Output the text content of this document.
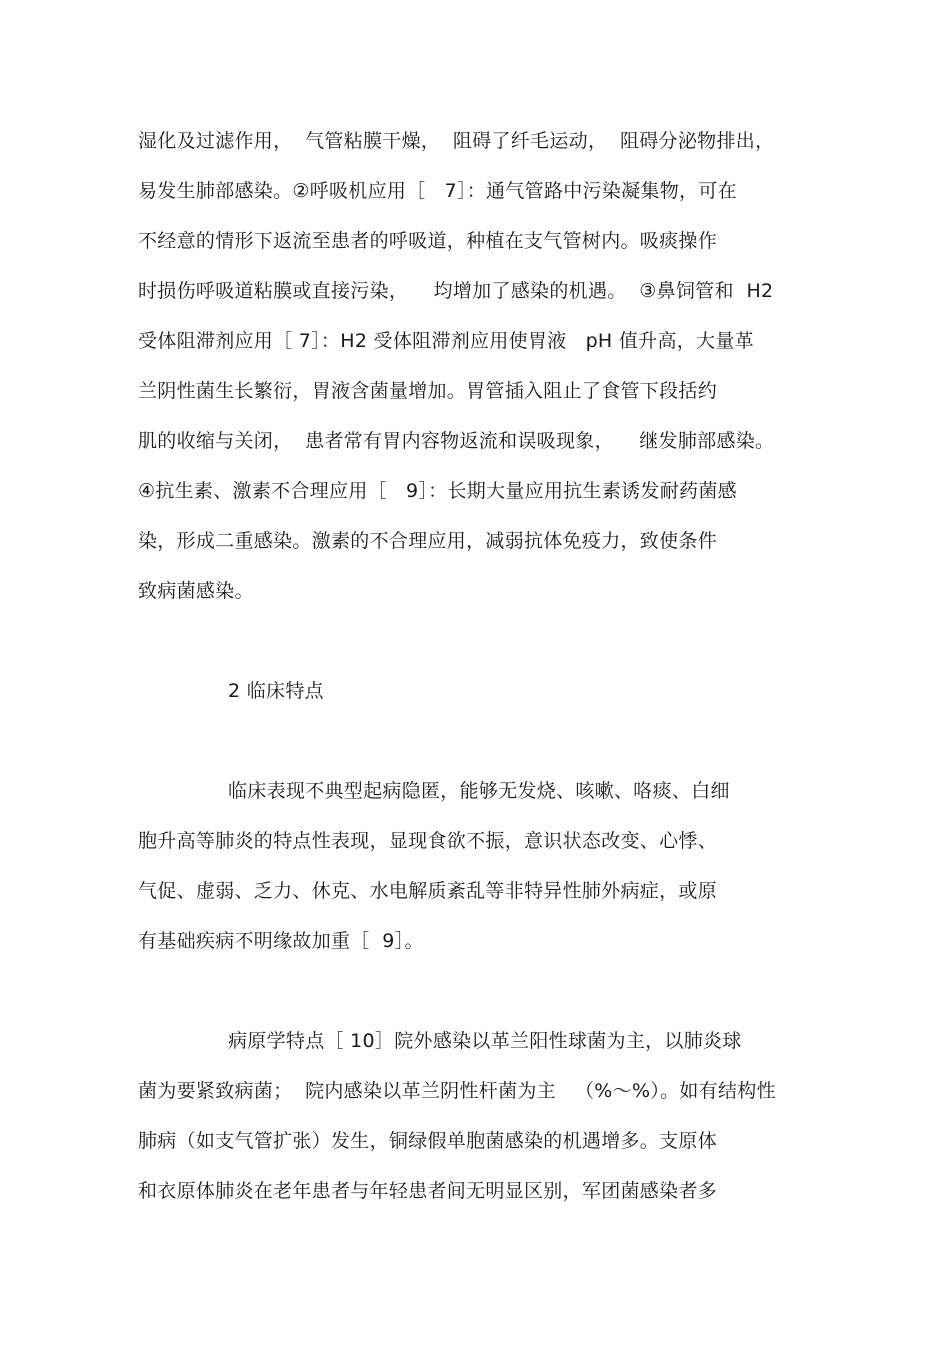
湿化及过滤作用，  气管粘膜干燥，  阻碍了纤毛运动，  阻碍分泌物排出，
易发生肺部感染。②呼吸机应用［   7］：通气管路中污染凝集物，可在
不经意的情形下返流至患者的呼吸道，种植在支气管树内。吸痰操作
时损伤呼吸道粘膜或直接污染，    均增加了感染的机遇。  ③鼻饲管和  H2
受体阻滞剂应用［ 7］：H2 受体阻滞剂应用使胃液   pH 值升高，大量革
兰阴性菌生长繁衍，胃液含菌量增加。胃管插入阻止了食管下段括约
肌的收缩与关闭，  患者常有胃内容物返流和误吸现象，    继发肺部感染。
④抗生素、激素不合理应用［   9］：长期大量应用抗生素诱发耐药菌感
染，形成二重感染。激素的不合理应用，减弱抗体免疫力，致使条件
致病菌感染。
2 临床特点
临床表现不典型起病隐匿，能够无发烧、咳嗽、咯痰、白细
胞升高等肺炎的特点性表现，显现食欲不振，意识状态改变、心悸、
气促、虚弱、乏力、休克、水电解质紊乱等非特异性肺外病症，或原
有基础疾病不明缘故加重［  9］。
病原学特点［ 10］院外感染以革兰阳性球菌为主，以肺炎球
菌为要紧致病菌；  院内感染以革兰阴性杆菌为主   （%～%）。如有结构性
肺病（如支气管扩张）发生，铜绿假单胞菌感染的机遇增多。支原体
和衣原体肺炎在老年患者与年轻患者间无明显区别，军团菌感染者多
